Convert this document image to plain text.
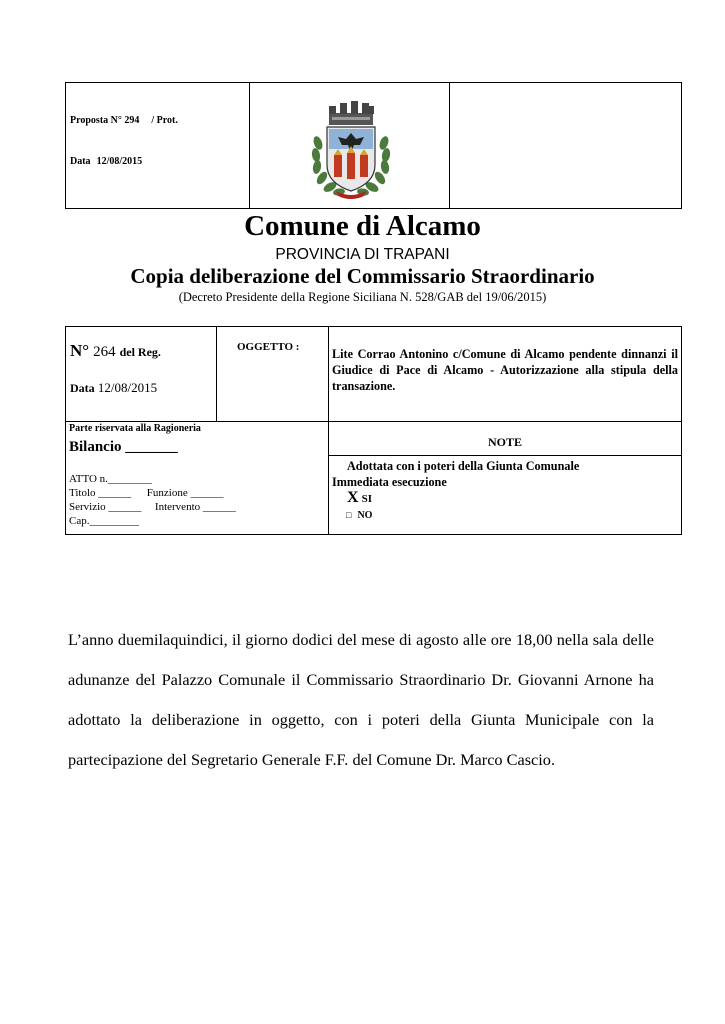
Proposta N° 294 / Prot.
Data 12/08/2015
Comune di Alcamo
PROVINCIA DI TRAPANI
Copia deliberazione del Commissario Straordinario
(Decreto Presidente della Regione Siciliana N. 528/GAB del 19/06/2015)
N° 264 del Reg.
Data 12/08/2015
OGGETTO :	Lite Corrao Antonino c/Comune di Alcamo pendente dinnanzi il Giudice di Pace di Alcamo - Autorizzazione alla stipula della transazione.
Parte riservata alla Ragioneria
Bilancio _______
ATTO n.________
Titolo ______ Funzione ______
Servizio ______ Intervento ______
Cap._________
NOTE
Adottata con i poteri della Giunta Comunale
Immediata esecuzione
X SI
□ NO
L’anno duemilaquindici, il giorno dodici del mese di agosto alle ore 18,00 nella sala delle adunanze del Palazzo Comunale il Commissario Straordinario Dr. Giovanni Arnone ha adottato la deliberazione in oggetto, con i poteri della Giunta Municipale con la partecipazione del Segretario Generale F.F. del Comune Dr. Marco Cascio.
